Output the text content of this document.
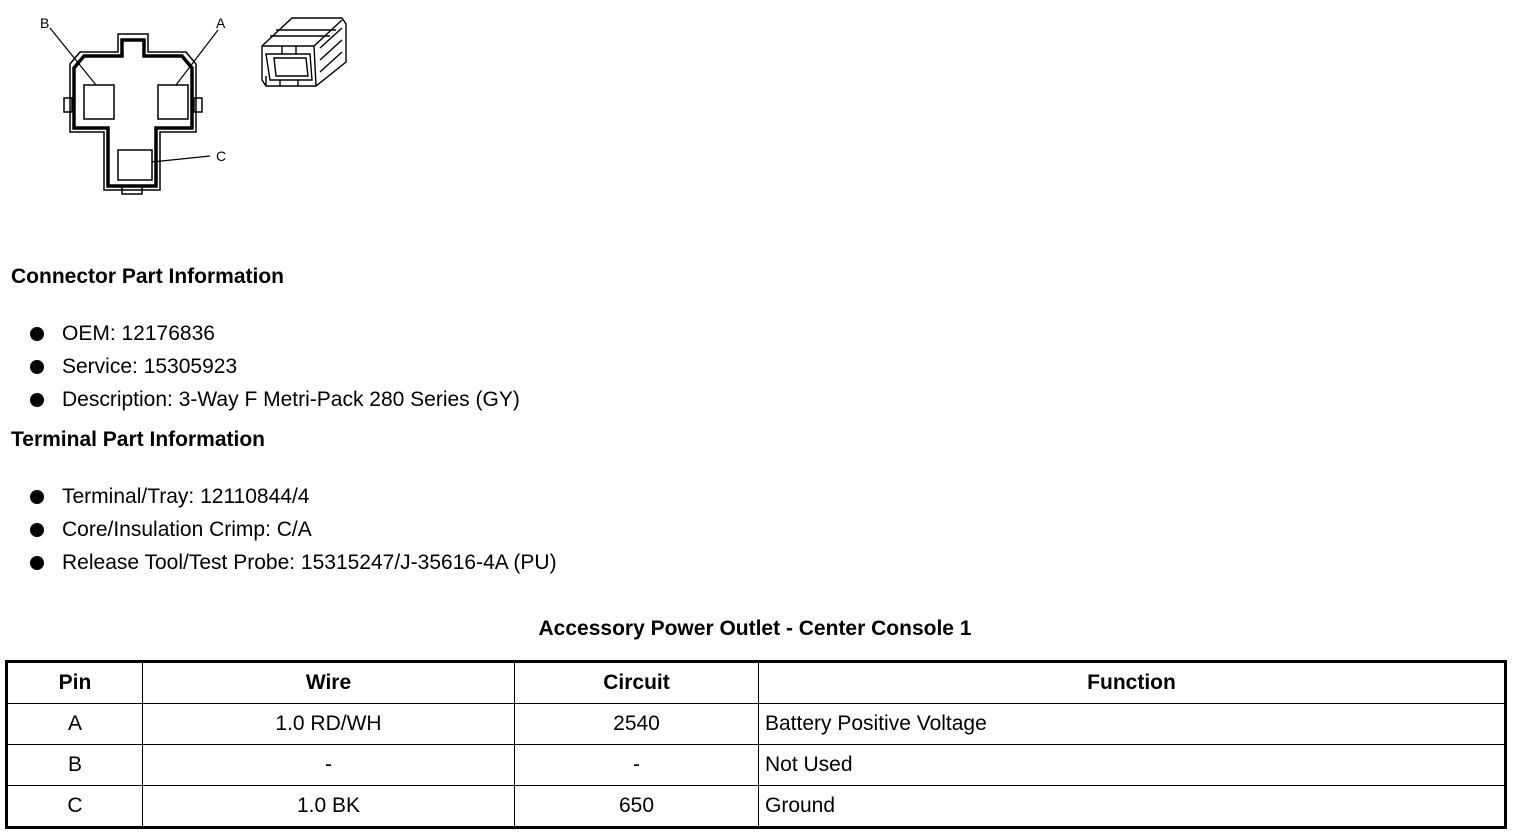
B	A
C
Connector Part Information
OEM: 12176836
Service: 15305923
Description: 3-Way F Metri-Pack 280 Series (GY)
Terminal Part Information
Terminal/Tray: 12110844/4
Core/Insulation Crimp: C/A
Release Tool/Test Probe: 15315247/J-35616-4A (PU)
Accessory Power Outlet - Center Console 1
Pin	Wire	Circuit	Function
A	1.0 RD/WH	2540	Battery Positive Voltage
B	-	-	Not Used
C	1.0 BK	650	Ground
